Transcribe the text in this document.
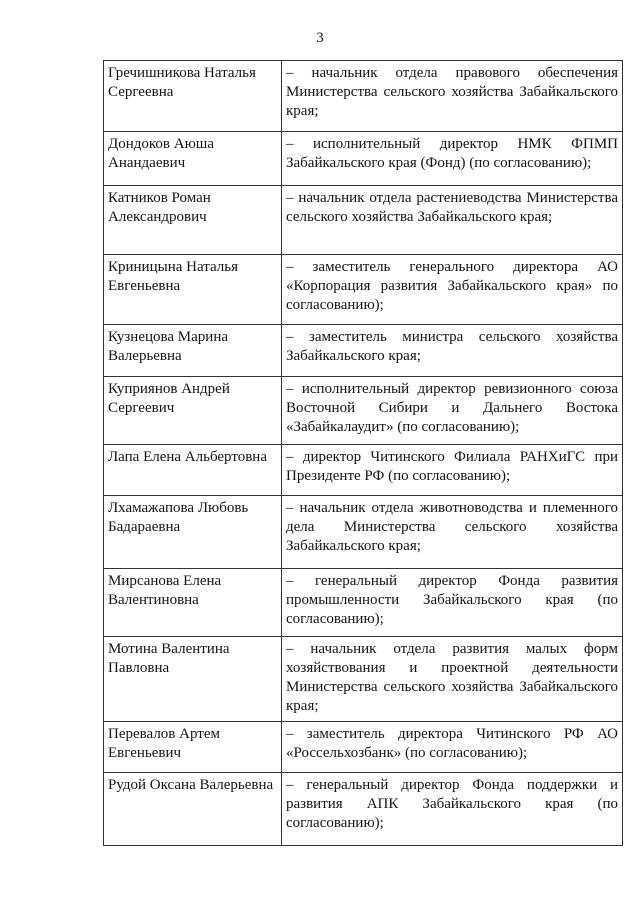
3
Гречишникова Наталья Сергеевна	– начальник отдела правового обеспечения Министерства сельского хозяйства Забайкальского края;
Дондоков Аюша Анандаевич	– исполнительный директор НМК ФПМП Забайкальского края (Фонд) (по согласованию);
Катников Роман Александрович	– начальник отдела растениеводства Министерства сельского хозяйства Забайкальского края;
Криницына Наталья Евгеньевна	– заместитель генерального директора АО «Корпорация развития Забайкальского края» по согласованию);
Кузнецова Марина Валерьевна	– заместитель министра сельского хозяйства Забайкальского края;
Куприянов Андрей Сергеевич	– исполнительный директор ревизионного союза Восточной Сибири и Дальнего Востока «Забайкалаудит» (по согласованию);
Лапа Елена Альбертовна	– директор Читинского Филиала РАНХиГС при Президенте РФ (по согласованию);
Лхамажапова Любовь Бадараевна	– начальник отдела животноводства и племенного дела Министерства сельского хозяйства Забайкальского края;
Мирсанова Елена Валентиновна	– генеральный директор Фонда развития промышленности Забайкальского края (по согласованию);
Мотина Валентина Павловна	– начальник отдела развития малых форм хозяйствования и проектной деятельности Министерства сельского хозяйства Забайкальского края;
Перевалов Артем Евгеньевич	– заместитель директора Читинского РФ АО «Россельхозбанк» (по согласованию);
Рудой Оксана Валерьевна	– генеральный директор Фонда поддержки и развития АПК Забайкальского края (по согласованию);
